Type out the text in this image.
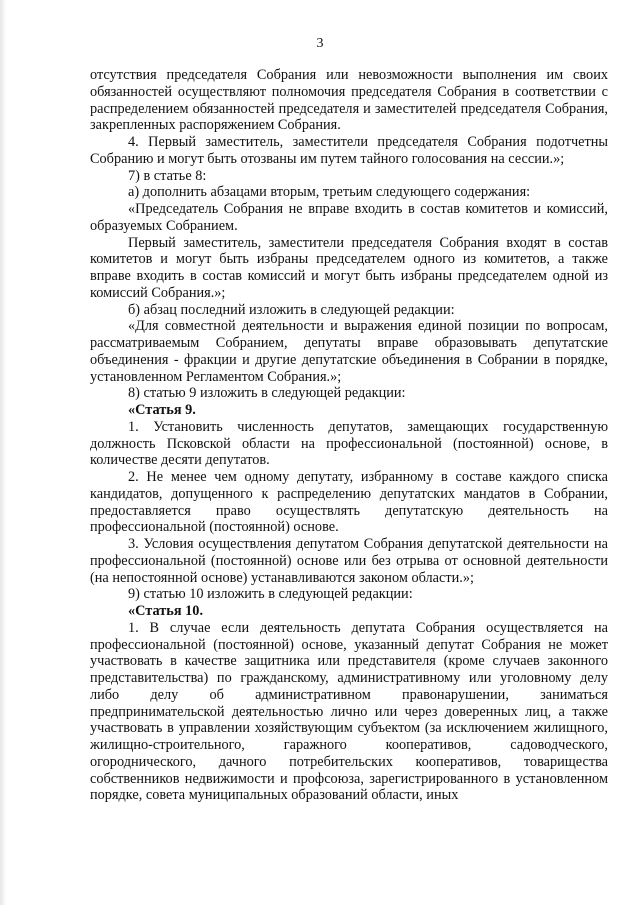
3

отсутствия председателя Собрания или невозможности выполнения им своих обязанностей осуществляют полномочия председателя Собрания в соответствии с распределением обязанностей председателя и заместителей председателя Собрания, закрепленных распоряжением Собрания.

4. Первый заместитель, заместители председателя Собрания подотчетны Собранию и могут быть отозваны им путем тайного голосования на сессии.»;

7) в статье 8:

а) дополнить абзацами вторым, третьим следующего содержания:

«Председатель Собрания не вправе входить в состав комитетов и комиссий, образуемых Собранием.

Первый заместитель, заместители председателя Собрания входят в состав комитетов и могут быть избраны председателем одного из комитетов, а также вправе входить в состав комиссий и могут быть избраны председателем одной из комиссий Собрания.»;

б) абзац последний изложить в следующей редакции:

«Для совместной деятельности и выражения единой позиции по вопросам, рассматриваемым Собранием, депутаты вправе образовывать депутатские объединения - фракции и другие депутатские объединения в Собрании в порядке, установленном Регламентом Собрания.»;

8) статью 9 изложить в следующей редакции:

«Статья 9.

1. Установить численность депутатов, замещающих государственную должность Псковской области на профессиональной (постоянной) основе, в количестве десяти депутатов.

2. Не менее чем одному депутату, избранному в составе каждого списка кандидатов, допущенного к распределению депутатских мандатов в Собрании, предоставляется право осуществлять депутатскую деятельность на профессиональной (постоянной) основе.

3. Условия осуществления депутатом Собрания депутатской деятельности на профессиональной (постоянной) основе или без отрыва от основной деятельности (на непостоянной основе) устанавливаются законом области.»;

9) статью 10 изложить в следующей редакции:

«Статья 10.

1. В случае если деятельность депутата Собрания осуществляется на профессиональной (постоянной) основе, указанный депутат Собрания не может участвовать в качестве защитника или представителя (кроме случаев законного представительства) по гражданскому, административному или уголовному делу либо делу об административном правонарушении, заниматься предпринимательской деятельностью лично или через доверенных лиц, а также участвовать в управлении хозяйствующим субъектом (за исключением жилищного, жилищно-строительного, гаражного кооперативов, садоводческого, огороднического, дачного потребительских кооперативов, товарищества собственников недвижимости и профсоюза, зарегистрированного в установленном порядке, совета муниципальных образований области, иных
